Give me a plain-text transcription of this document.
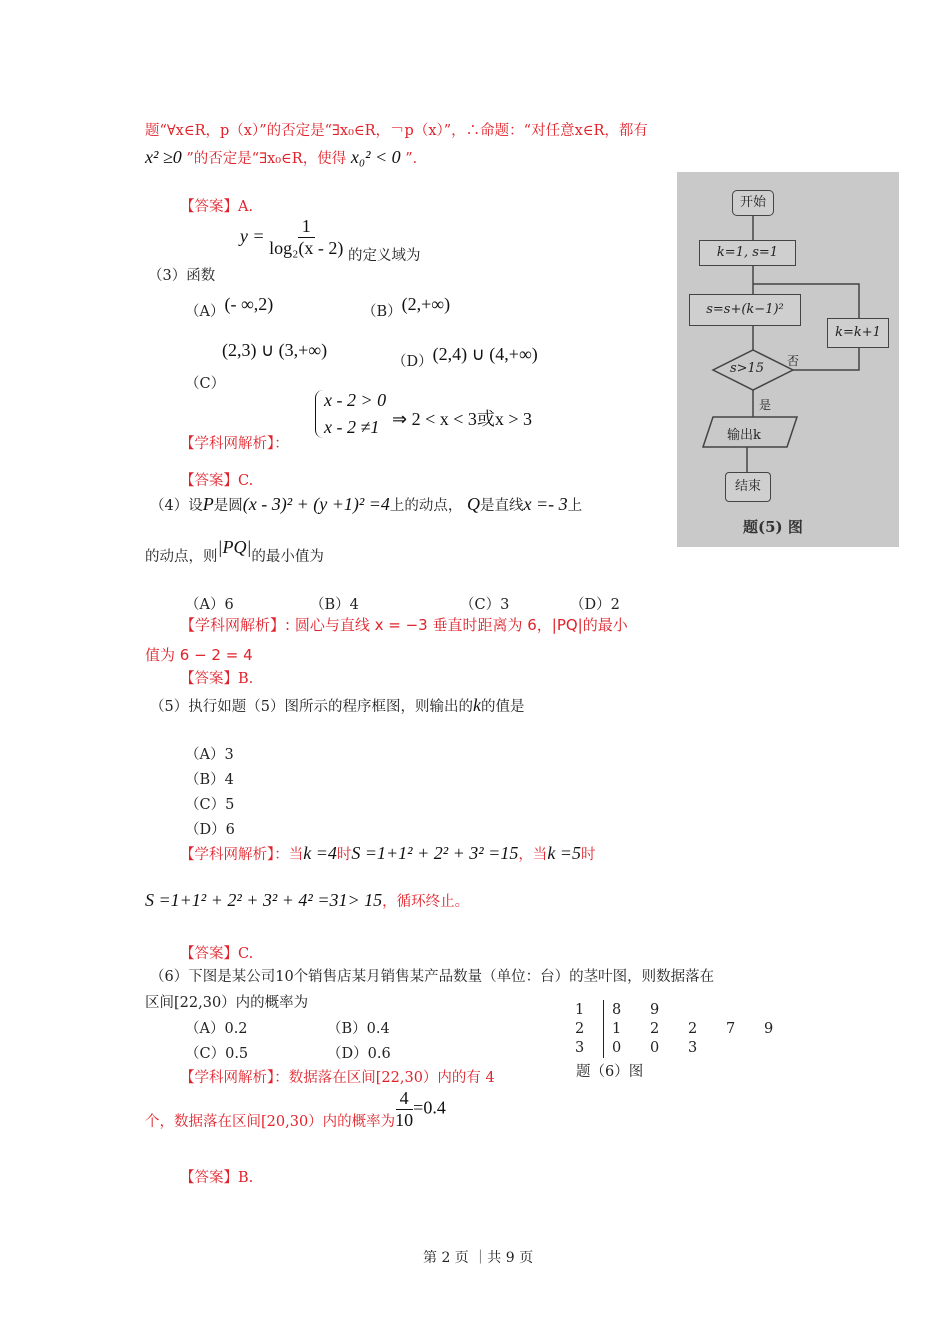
题“∀x∈R，p（x）”的否定是“∃x₀∈R，￢p（x）”，∴命题：“对任意x∈R，都有
x² ≥0 ”的否定是“∃x₀∈R，使得 x₀² < 0 ”．
【答案】A.
（3）函数 $y = \frac{1}{\text{log₂(x - 2)}}$ 的定义域为
（A）(- ∞,2)	（B）(2,+∞)
(2,3) ∪ (3,+∞)
（C）
（D）(2,4) ∪ (4,+∞)
【学科网解析】：
x - 2 > 0
x - 2 ≠1 ⇒ 2 < x < 3或x > 3
【答案】C.
（4）设P是圆(x - 3)² + (y +1)² =4上的动点， Q是直线x =- 3上
的动点，则|PQ|的最小值为
（A）6	（B）4	（C）3	（D）2
【学科网解析】: 圆心与直线 x = −3 垂直时距离为 6，|PQ|的最小
值为 6 − 2 = 4
【答案】B.
（5）执行如题（5）图所示的程序框图，则输出的k的值是
（A）3
（B）4
（C）5
（D）6
【学科网解析】：当k =4时S =1+1² + 2² + 3² =15，当k =5时
S =1+1² + 2² + 3² + 4² =31> 15，循环终止。
【答案】C.
开始
k=1, s=1
s=s+(k−1)²
s>15
k=k+1
否
是
输出k
结束
题(5) 图
（6）下图是某公司10个销售店某月销售某产品数量（单位：台）的茎叶图，则数据落在
区间[22,30）内的概率为
（A）0.2	（B）0.4
（C）0.5	（D）0.6
【学科网解析】：数据落在区间[22,30）内的有 4
个，数据落在区间[20,30）内的概率为 $\frac{4}{10} =0.4$
【答案】B.
1 8 9
2 1 2 2 7 9
3 0 0 3
题（6）图
第 2 页 ｜共 9 页
